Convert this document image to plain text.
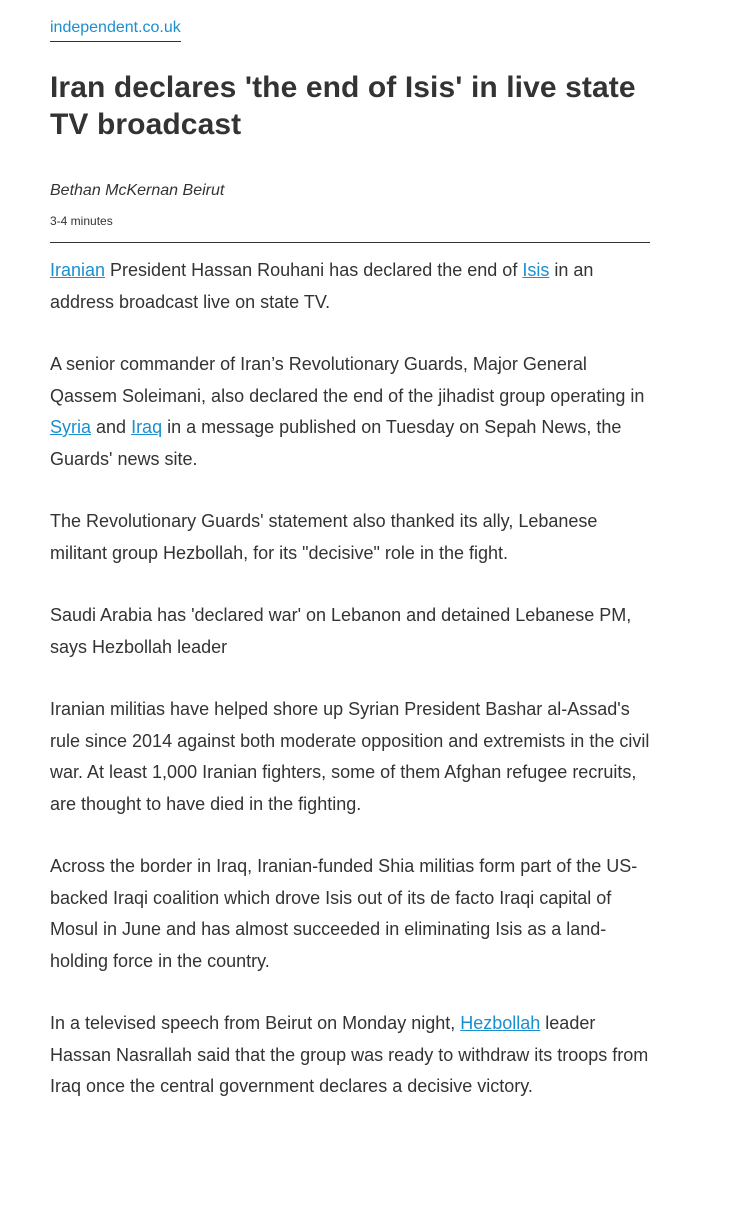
independent.co.uk
Iran declares 'the end of Isis' in live state TV broadcast
Bethan McKernan Beirut
3-4 minutes

Iranian President Hassan Rouhani has declared the end of Isis in an address broadcast live on state TV.

A senior commander of Iran’s Revolutionary Guards, Major General Qassem Soleimani, also declared the end of the jihadist group operating in Syria and Iraq in a message published on Tuesday on Sepah News, the Guards' news site.

The Revolutionary Guards' statement also thanked its ally, Lebanese militant group Hezbollah, for its "decisive" role in the fight.

Saudi Arabia has 'declared war' on Lebanon and detained Lebanese PM, says Hezbollah leader

Iranian militias have helped shore up Syrian President Bashar al-Assad's rule since 2014 against both moderate opposition and extremists in the civil war. At least 1,000 Iranian fighters, some of them Afghan refugee recruits, are thought to have died in the fighting.

Across the border in Iraq, Iranian-funded Shia militias form part of the US-backed Iraqi coalition which drove Isis out of its de facto Iraqi capital of Mosul in June and has almost succeeded in eliminating Isis as a land-holding force in the country.

In a televised speech from Beirut on Monday night, Hezbollah leader Hassan Nasrallah said that the group was ready to withdraw its troops from Iraq once the central government declares a decisive victory.
